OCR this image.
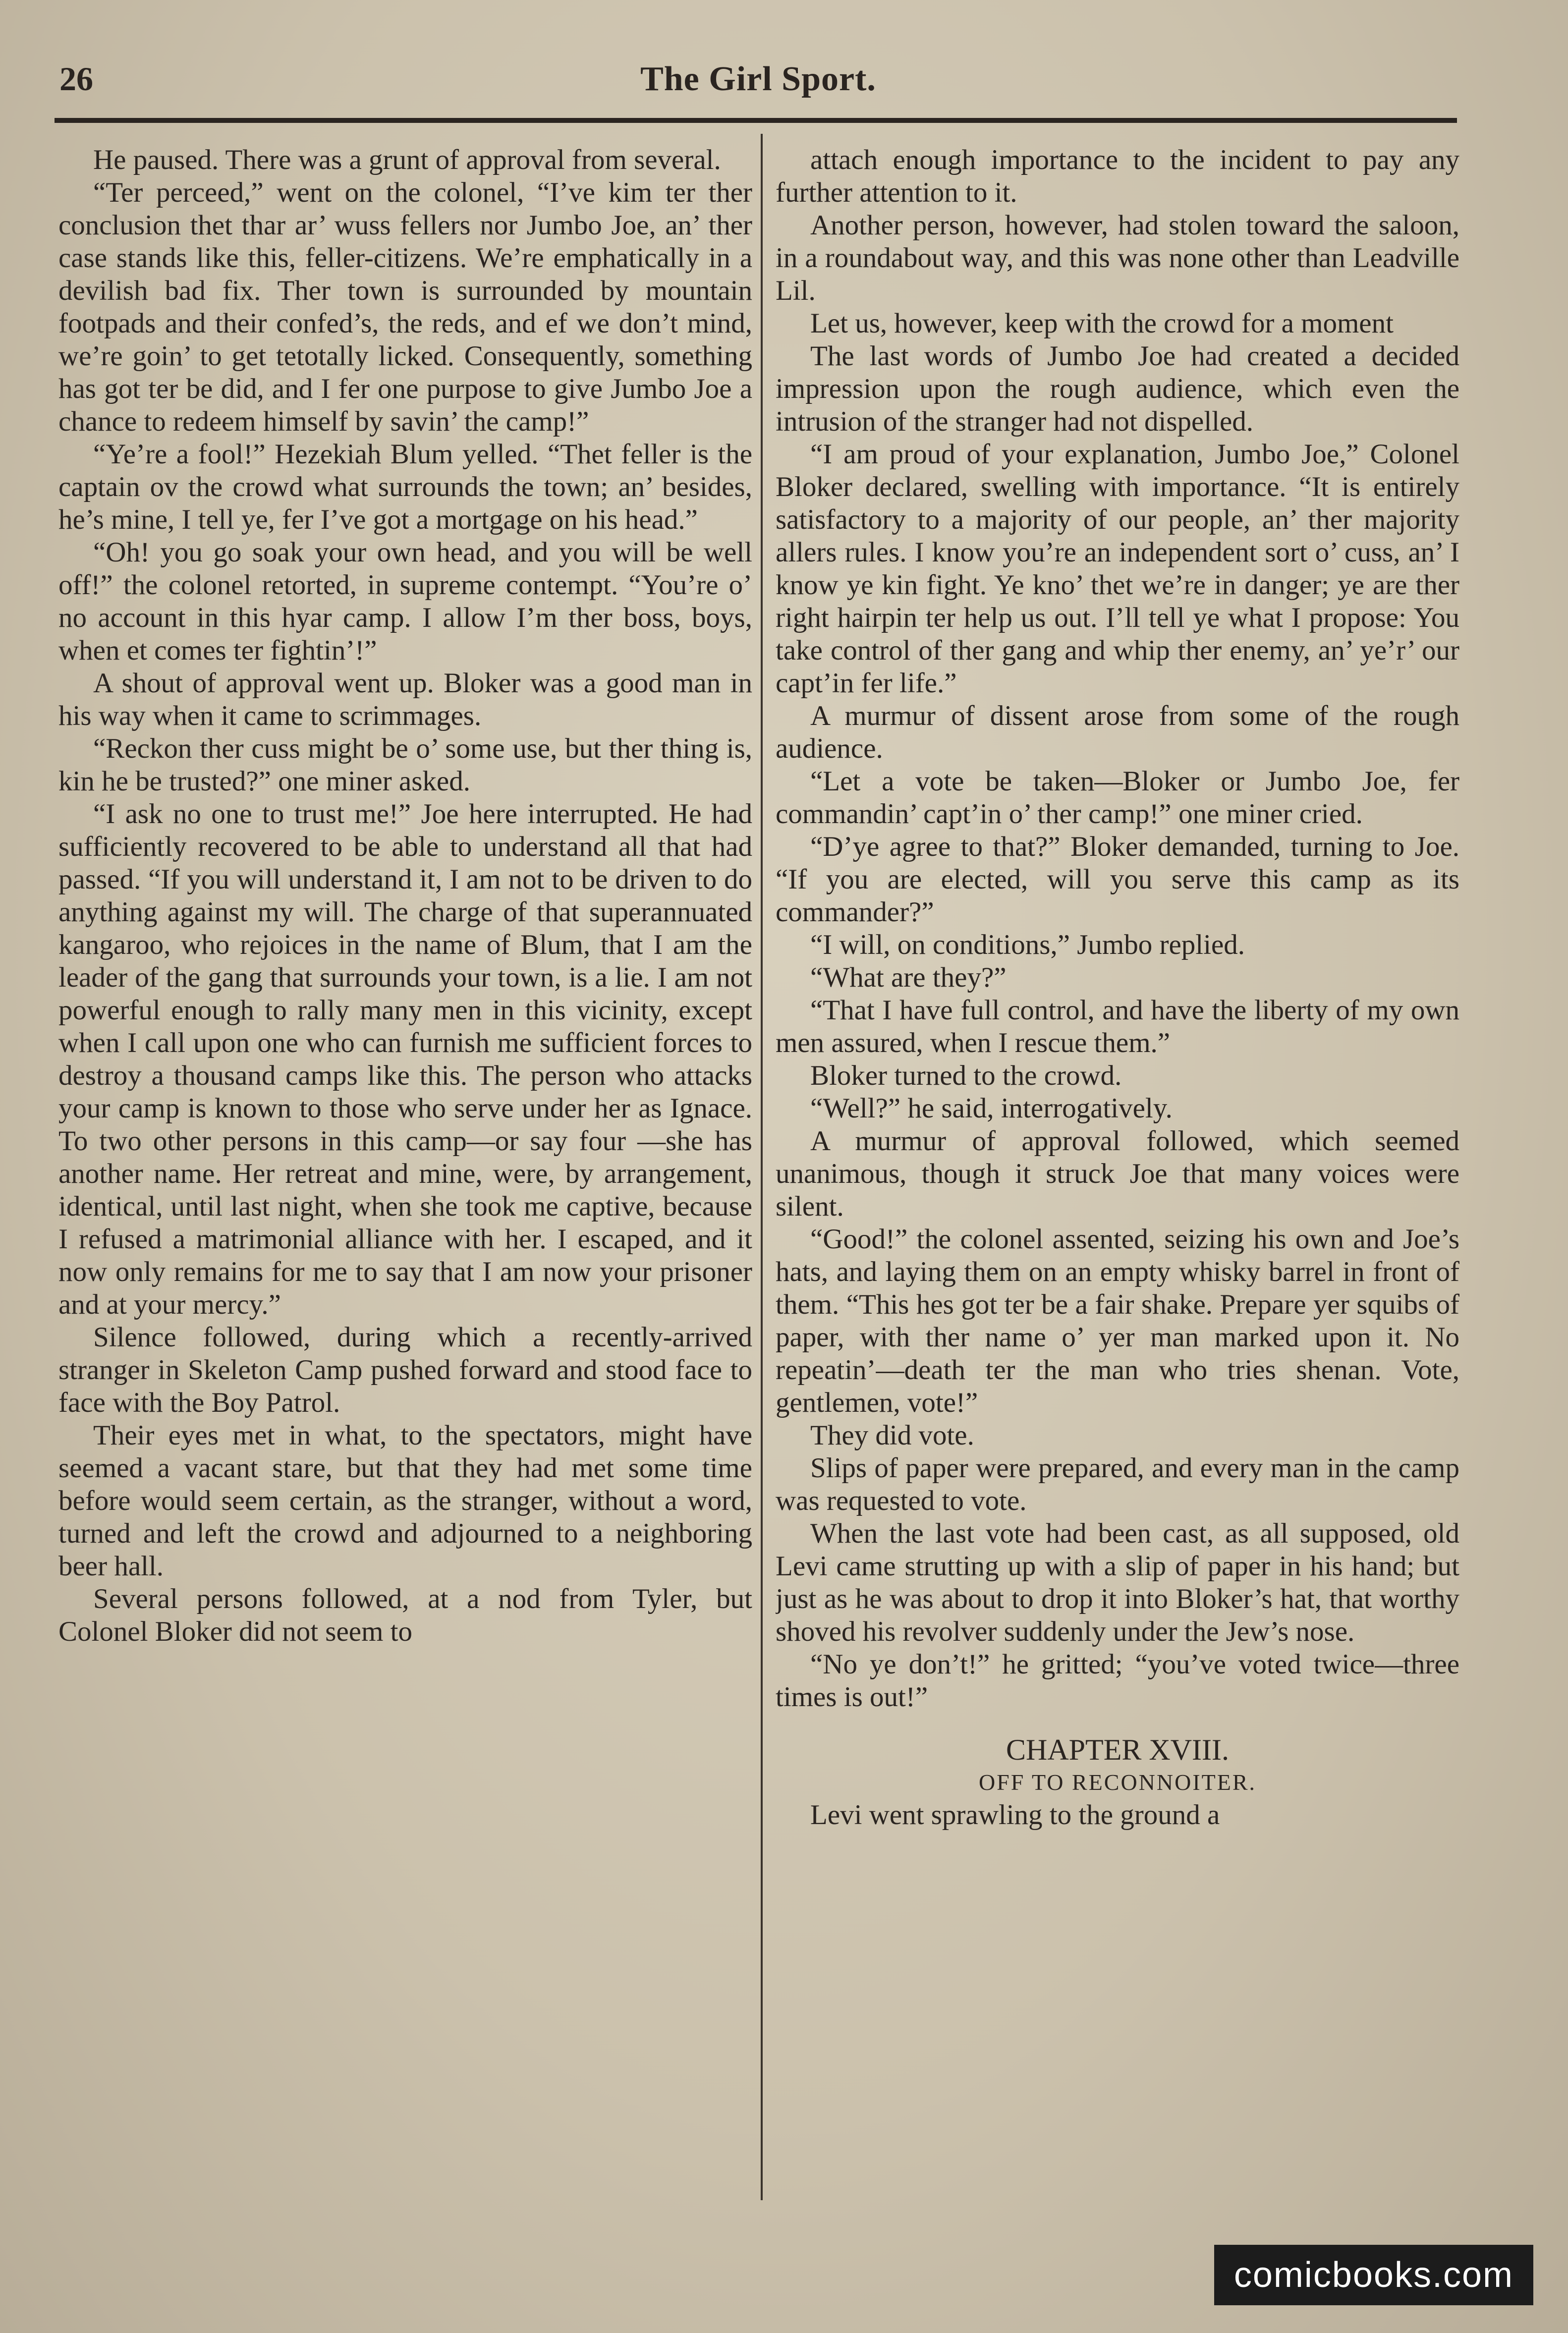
26	The Girl Sport.

He paused. There was a grunt of approval from several.

“Ter perceed,” went on the colonel, “I’ve kim ter ther conclusion thet thar ar’ wuss fellers nor Jumbo Joe, an’ ther case stands like this, feller-citizens. We’re emphatically in a devilish bad fix. Ther town is surrounded by mountain footpads and their confed’s, the reds, and ef we don’t mind, we’re goin’ to get tetotally licked. Consequently, something has got ter be did, and I fer one purpose to give Jumbo Joe a chance to redeem himself by savin’ the camp!”

“Ye’re a fool!” Hezekiah Blum yelled. “Thet feller is the captain ov the crowd what surrounds the town; an’ besides, he’s mine, I tell ye, fer I’ve got a mortgage on his head.”

“Oh! you go soak your own head, and you will be well off!” the colonel retorted, in supreme contempt. “You’re o’ no account in this hyar camp. I allow I’m ther boss, boys, when et comes ter fightin’!”

A shout of approval went up. Bloker was a good man in his way when it came to scrimmages.

“Reckon ther cuss might be o’ some use, but ther thing is, kin he be trusted?” one miner asked.

“I ask no one to trust me!” Joe here interrupted. He had sufficiently recovered to be able to understand all that had passed. “If you will understand it, I am not to be driven to do anything against my will. The charge of that superannuated kangaroo, who rejoices in the name of Blum, that I am the leader of the gang that surrounds your town, is a lie. I am not powerful enough to rally many men in this vicinity, except when I call upon one who can furnish me sufficient forces to destroy a thousand camps like this. The person who attacks your camp is known to those who serve under her as Ignace. To two other persons in this camp—or say four —she has another name. Her retreat and mine, were, by arrangement, identical, until last night, when she took me captive, because I refused a matrimonial alliance with her. I escaped, and it now only remains for me to say that I am now your prisoner and at your mercy.”

Silence followed, during which a recently-arrived stranger in Skeleton Camp pushed forward and stood face to face with the Boy Patrol.

Their eyes met in what, to the spectators, might have seemed a vacant stare, but that they had met some time before would seem certain, as the stranger, without a word, turned and left the crowd and adjourned to a neighboring beer hall.

Several persons followed, at a nod from Tyler, but Colonel Bloker did not seem to

attach enough importance to the incident to pay any further attention to it.

Another person, however, had stolen toward the saloon, in a roundabout way, and this was none other than Leadville Lil.

Let us, however, keep with the crowd for a moment

The last words of Jumbo Joe had created a decided impression upon the rough audience, which even the intrusion of the stranger had not dispelled.

“I am proud of your explanation, Jumbo Joe,” Colonel Bloker declared, swelling with importance. “It is entirely satisfactory to a majority of our people, an’ ther majority allers rules. I know you’re an independent sort o’ cuss, an’ I know ye kin fight. Ye kno’ thet we’re in danger; ye are ther right hairpin ter help us out. I’ll tell ye what I propose: You take control of ther gang and whip ther enemy, an’ ye’r’ our capt’in fer life.”

A murmur of dissent arose from some of the rough audience.

“Let a vote be taken—Bloker or Jumbo Joe, fer commandin’ capt’in o’ ther camp!” one miner cried.

“D’ye agree to that?” Bloker demanded, turning to Joe. “If you are elected, will you serve this camp as its commander?”

“I will, on conditions,” Jumbo replied.

“What are they?”

“That I have full control, and have the liberty of my own men assured, when I rescue them.”

Bloker turned to the crowd.

“Well?” he said, interrogatively.

A murmur of approval followed, which seemed unanimous, though it struck Joe that many voices were silent.

“Good!” the colonel assented, seizing his own and Joe’s hats, and laying them on an empty whisky barrel in front of them. “This hes got ter be a fair shake. Prepare yer squibs of paper, with ther name o’ yer man marked upon it. No repeatin’—death ter the man who tries shenan. Vote, gentlemen, vote!”

They did vote.

Slips of paper were prepared, and every man in the camp was requested to vote.

When the last vote had been cast, as all supposed, old Levi came strutting up with a slip of paper in his hand; but just as he was about to drop it into Bloker’s hat, that worthy shoved his revolver suddenly under the Jew’s nose.

“No ye don’t!” he gritted; “you’ve voted twice—three times is out!”

CHAPTER XVIII.

OFF TO RECONNOITER.

Levi went sprawling to the ground a

comicbooks.com
